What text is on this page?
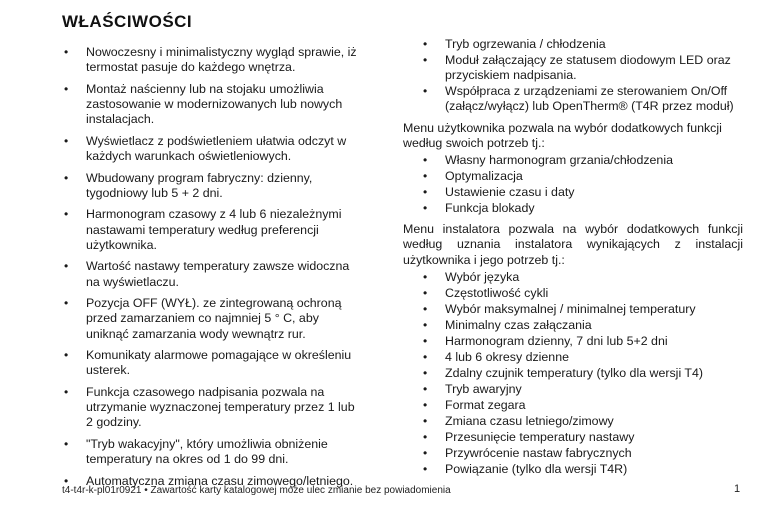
WŁAŚCIWOŚCI
• Nowoczesny i minimalistyczny wygląd sprawie, iż termostat pasuje do każdego wnętrza.
• Montaż naścienny lub na stojaku umożliwia zastosowanie w modernizowanych lub nowych instalacjach.
• Wyświetlacz z podświetleniem ułatwia odczyt w każdych warunkach oświetleniowych.
• Wbudowany program fabryczny: dzienny, tygodniowy lub 5 + 2 dni.
• Harmonogram czasowy z 4 lub 6 niezależnymi nastawami temperatury według preferencji użytkownika.
• Wartość nastawy temperatury zawsze widoczna na wyświetlaczu.
• Pozycja OFF (WYŁ). ze zintegrowaną ochroną przed zamarzaniem co najmniej 5 ° C, aby uniknąć zamarzania wody wewnątrz rur.
• Komunikaty alarmowe pomagające w określeniu usterek.
• Funkcja czasowego nadpisania pozwala na utrzymanie wyznaczonej temperatury przez 1 lub 2 godziny.
• "Tryb wakacyjny", który umożliwia obniżenie temperatury na okres od 1 do 99 dni.
• Automatyczna zmiana czasu zimowego/letniego.
• Tryb ogrzewania / chłodzenia
• Moduł załączający ze statusem diodowym LED oraz przyciskiem nadpisania.
• Współpraca z urządzeniami ze sterowaniem On/Off (załącz/wyłącz) lub OpenTherm® (T4R przez moduł)
Menu użytkownika pozwala na wybór dodatkowych funkcji według swoich potrzeb tj.:
• Własny harmonogram grzania/chłodzenia
• Optymalizacja
• Ustawienie czasu i daty
• Funkcja blokady
Menu instalatora pozwala na wybór dodatkowych funkcji według uznania instalatora wynikających z instalacji użytkownika i jego potrzeb tj.:
• Wybór języka
• Częstotliwość cykli
• Wybór maksymalnej / minimalnej temperatury
• Minimalny czas załączania
• Harmonogram dzienny, 7 dni lub 5+2 dni
• 4 lub 6 okresy dzienne
• Zdalny czujnik temperatury (tylko dla wersji T4)
• Tryb awaryjny
• Format zegara
• Zmiana czasu letniego/zimowy
• Przesunięcie temperatury nastawy
• Przywrócenie nastaw fabrycznych
• Powiązanie (tylko dla wersji T4R)
t4-t4r-k-pl01r0921 • Zawartość karty katalogowej może ulec zmianie bez powiadomienia	1
